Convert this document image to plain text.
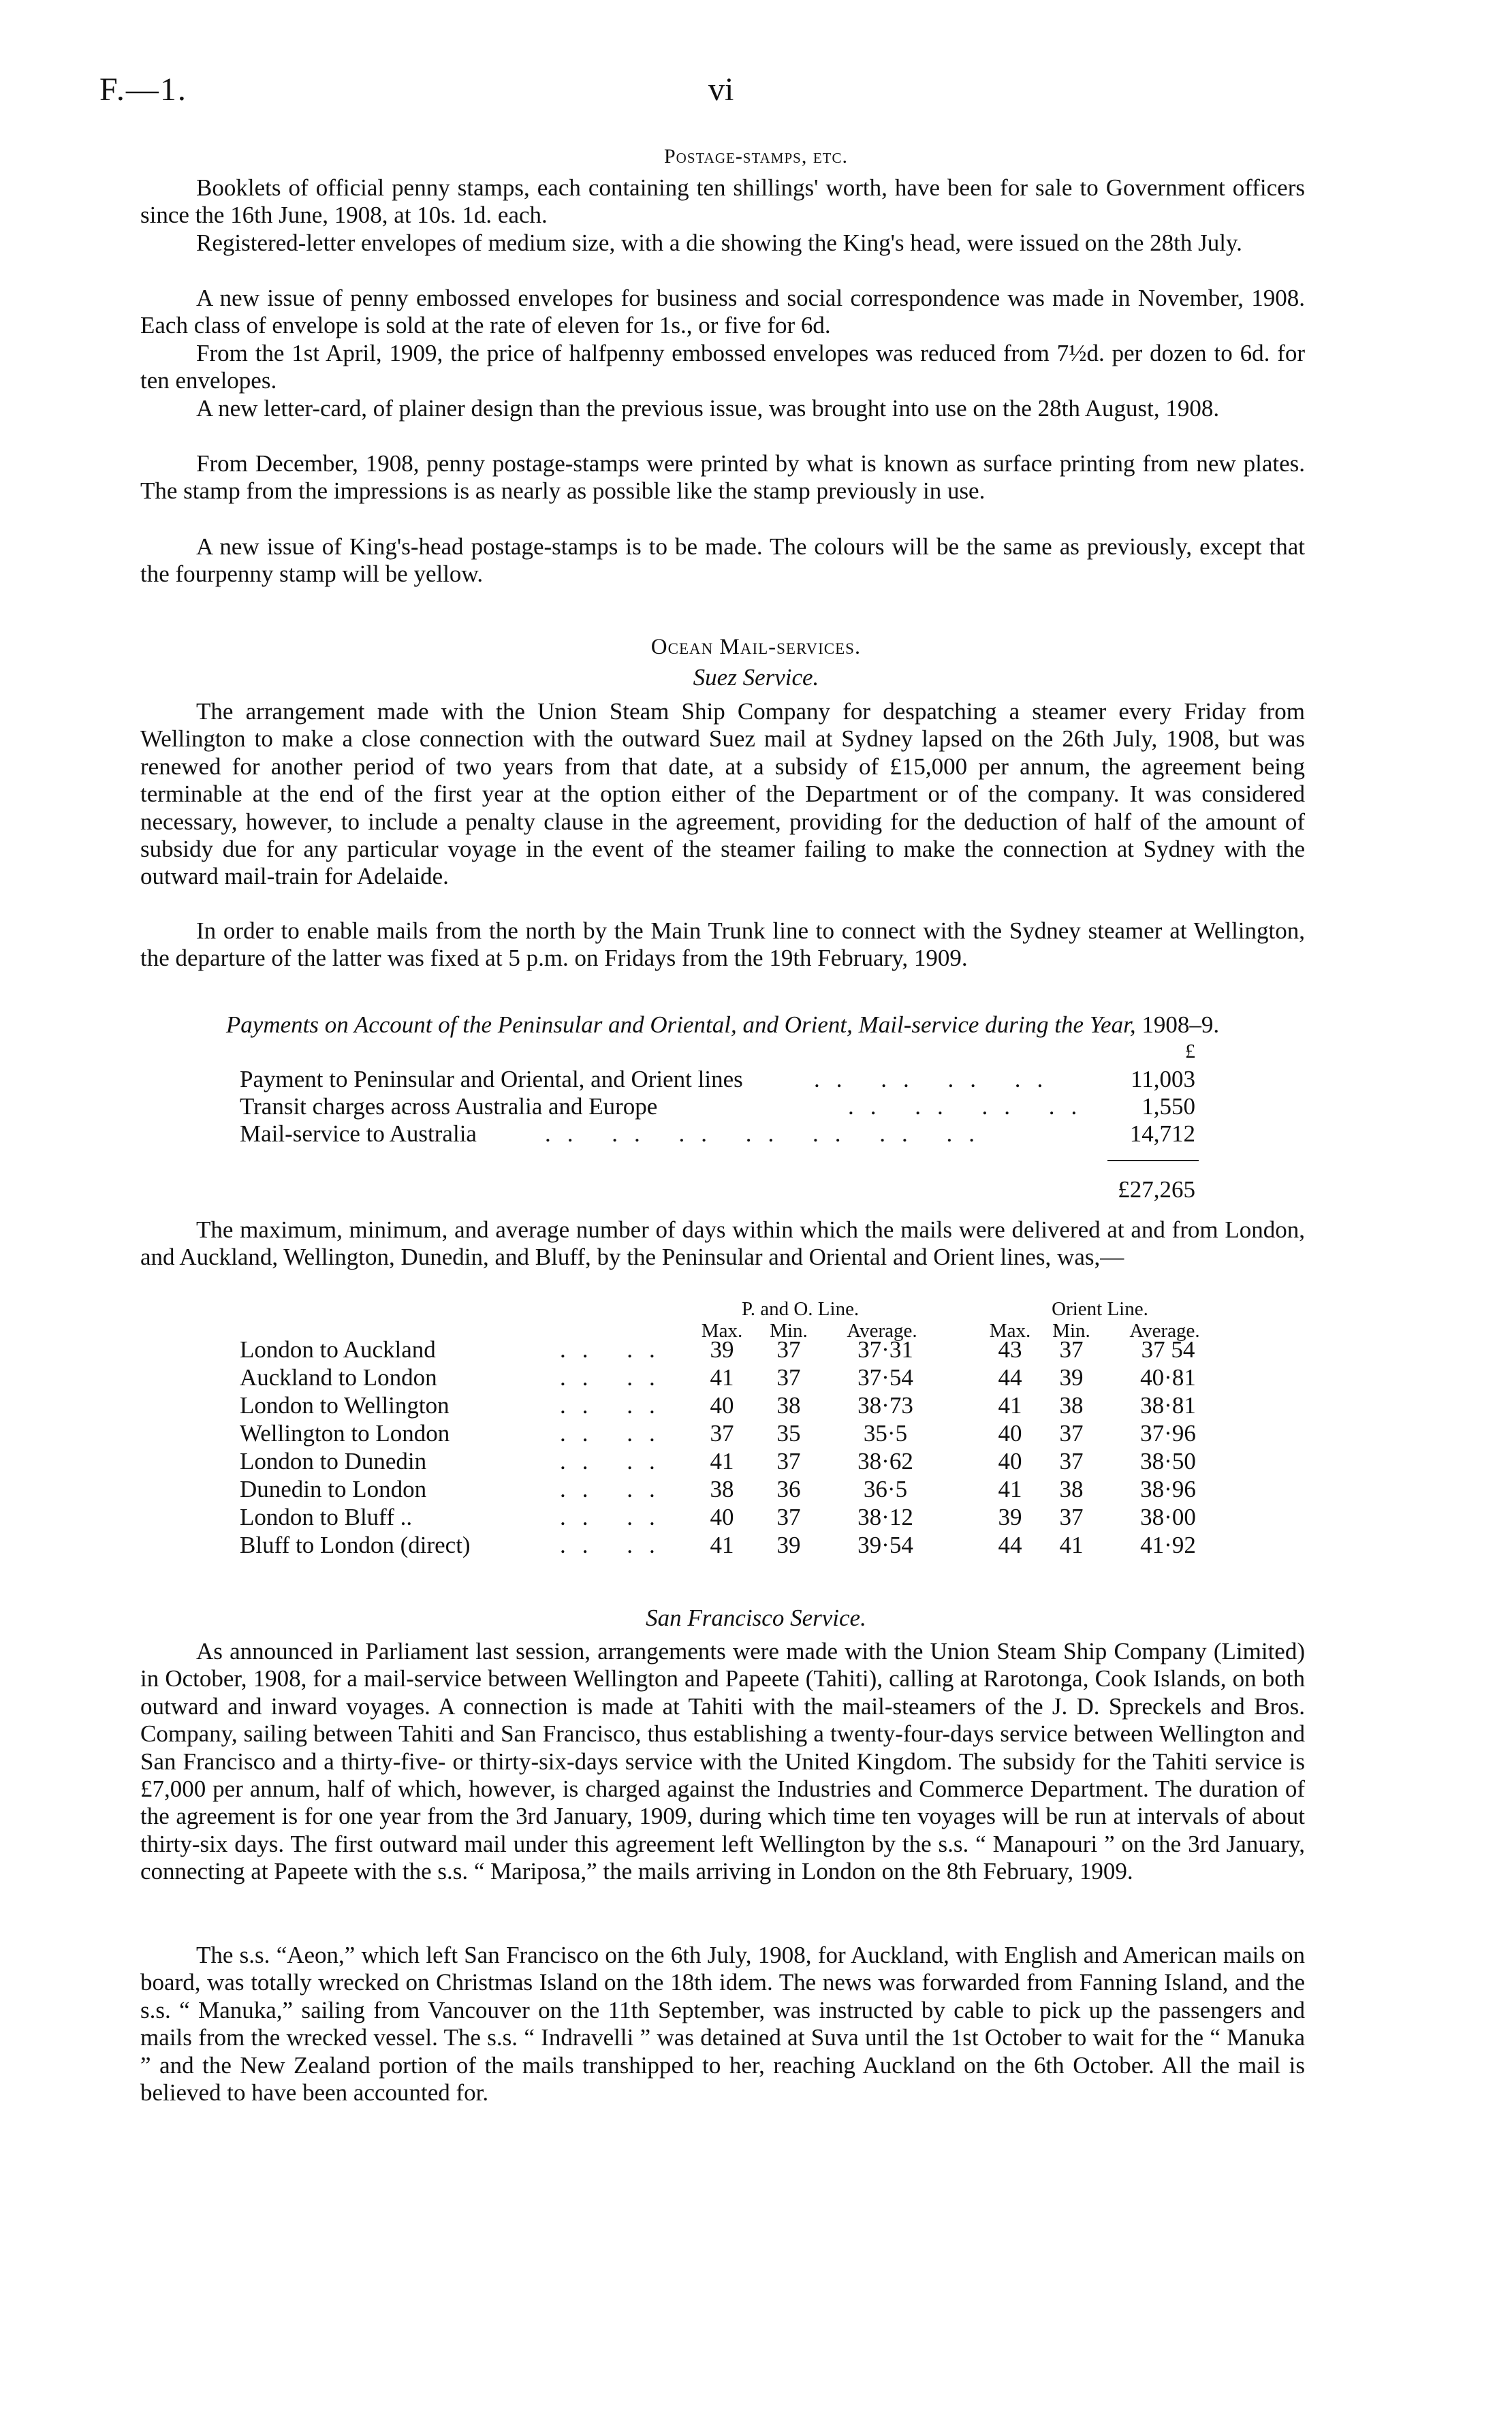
F.—1.	vi
Postage-stamps, etc.

Booklets of official penny stamps, each containing ten shillings' worth, have been for sale to Government officers since the 16th June, 1908, at 10s. 1d. each.

Registered-letter envelopes of medium size, with a die showing the King's head, were issued on the 28th July.

A new issue of penny embossed envelopes for business and social correspondence was made in November, 1908. Each class of envelope is sold at the rate of eleven for 1s., or five for 6d.

From the 1st April, 1909, the price of halfpenny embossed envelopes was reduced from 7½d. per dozen to 6d. for ten envelopes.

A new letter-card, of plainer design than the previous issue, was brought into use on the 28th August, 1908.

From December, 1908, penny postage-stamps were printed by what is known as surface printing from new plates. The stamp from the impressions is as nearly as possible like the stamp previously in use.

A new issue of King's-head postage-stamps is to be made. The colours will be the same as previously, except that the fourpenny stamp will be yellow.

Ocean Mail-services.
Suez Service.

The arrangement made with the Union Steam Ship Company for despatching a steamer every Friday from Wellington to make a close connection with the outward Suez mail at Sydney lapsed on the 26th July, 1908, but was renewed for another period of two years from that date, at a subsidy of £15,000 per annum, the agreement being terminable at the end of the first year at the option either of the Department or of the company. It was considered necessary, however, to include a penalty clause in the agreement, providing for the deduction of half of the amount of subsidy due for any particular voyage in the event of the steamer failing to make the connection at Sydney with the outward mail-train for Adelaide.

In order to enable mails from the north by the Main Trunk line to connect with the Sydney steamer at Wellington, the departure of the latter was fixed at 5 p.m. on Fridays from the 19th February, 1909.

Payments on Account of the Peninsular and Oriental, and Orient, Mail-service during the Year, 1908–9.
£
Payment to Peninsular and Oriental, and Orient lines	.. .. .. ..	11,003
Transit charges across Australia and Europe	.. .. .. ..	1,550
Mail-service to Australia	.. .. .. .. .. .. ..	14,712
£27,265

The maximum, minimum, and average number of days within which the mails were delivered at and from London, and Auckland, Wellington, Dunedin, and Bluff, by the Peninsular and Oriental and Orient lines, was,—

P. and O. Line.	Orient Line.
Max.	Min.	Average.	Max.	Min.	Average.
London to Auckland	.. ..	39	37	37·31	43	37	37 54
Auckland to London	.. ..	41	37	37·54	44	39	40·81
London to Wellington	.. ..	40	38	38·73	41	38	38·81
Wellington to London	.. ..	37	35	35·5	40	37	37·96
London to Dunedin	.. ..	41	37	38·62	40	37	38·50
Dunedin to London	.. ..	38	36	36·5	41	38	38·96
London to Bluff ..	.. ..	40	37	38·12	39	37	38·00
Bluff to London (direct)	.. ..	41	39	39·54	44	41	41·92
San Francisco Service.

As announced in Parliament last session, arrangements were made with the Union Steam Ship Company (Limited) in October, 1908, for a mail-service between Wellington and Papeete (Tahiti), calling at Rarotonga, Cook Islands, on both outward and inward voyages. A connection is made at Tahiti with the mail-steamers of the J. D. Spreckels and Bros. Company, sailing between Tahiti and San Francisco, thus establishing a twenty-four-days service between Wellington and San Francisco and a thirty-five- or thirty-six-days service with the United Kingdom. The subsidy for the Tahiti service is £7,000 per annum, half of which, however, is charged against the Industries and Commerce Department. The duration of the agreement is for one year from the 3rd January, 1909, during which time ten voyages will be run at intervals of about thirty-six days. The first outward mail under this agreement left Wellington by the s.s. “ Manapouri ” on the 3rd January, connecting at Papeete with the s.s. “ Mariposa,” the mails arriving in London on the 8th February, 1909.

The s.s. “Aeon,” which left San Francisco on the 6th July, 1908, for Auckland, with English and American mails on board, was totally wrecked on Christmas Island on the 18th idem. The news was forwarded from Fanning Island, and the s.s. “ Manuka,” sailing from Vancouver on the 11th September, was instructed by cable to pick up the passengers and mails from the wrecked vessel. The s.s. “ Indravelli ” was detained at Suva until the 1st October to wait for the “ Manuka ” and the New Zealand portion of the mails transhipped to her, reaching Auckland on the 6th October. All the mail is believed to have been accounted for.
